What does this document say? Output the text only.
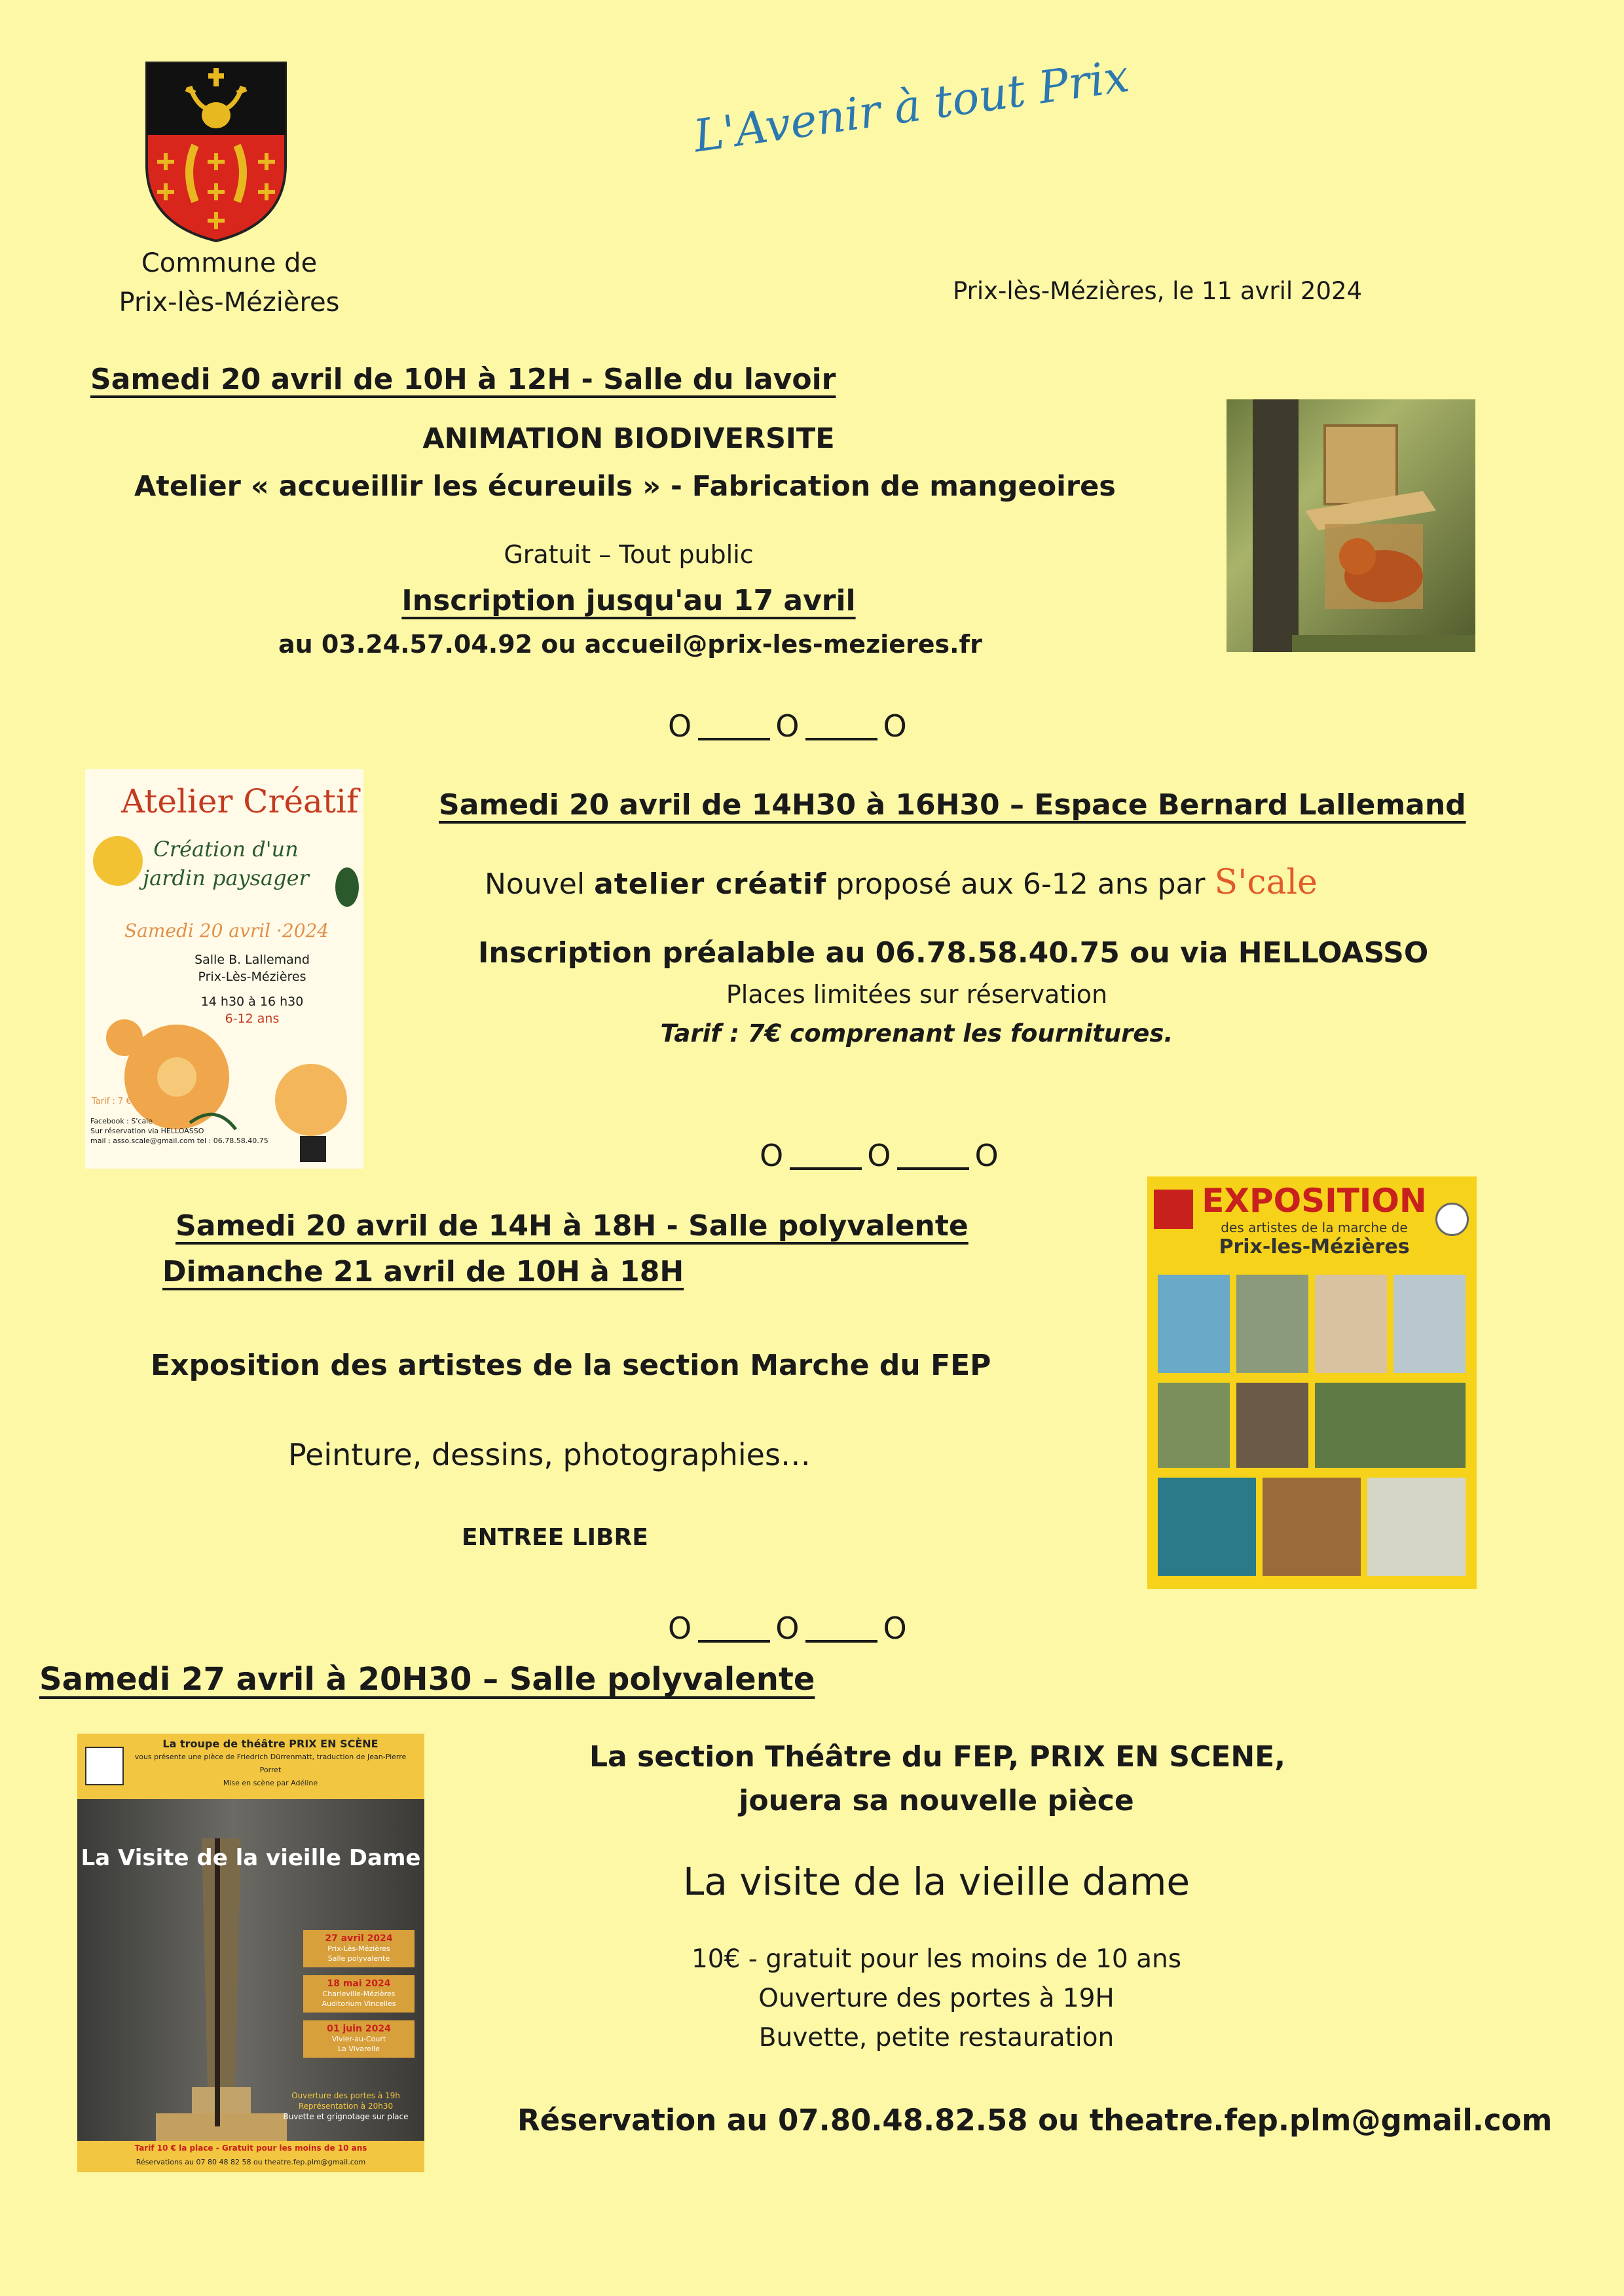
Commune de
Prix-lès-Mézières
L'Avenir à tout Prix
Prix-lès-Mézières, le 11 avril 2024
Samedi 20 avril de 10H à 12H - Salle du lavoir
ANIMATION BIODIVERSITE
Atelier « accueillir les écureuils » - Fabrication de mangeoires
Gratuit – Tout public
Inscription jusqu'au 17 avril
au 03.24.57.04.92 ou accueil@prix-les-mezieres.fr
O	O	O
Atelier Créatif
Création d'un jardin paysager
Samedi 20 avril ·2024
Salle B. Lallemand
Prix-Lès-Mézières
14 h30 à 16 h30
6-12 ans
Tarif : 7 €
Facebook : S'cale
Sur réservation via HELLOASSO
mail : asso.scale@gmail.com tel : 06.78.58.40.75
Samedi 20 avril de 14H30 à 16H30 – Espace Bernard Lallemand
Nouvel atelier créatif proposé aux 6-12 ans par S'cale
Inscription préalable au 06.78.58.40.75 ou via HELLOASSO
Places limitées sur réservation
Tarif : 7€ comprenant les fournitures.
O	O	O
Samedi 20 avril de 14H à 18H - Salle polyvalente
Dimanche 21 avril de 10H à 18H
Exposition des artistes de la section Marche du FEP
Peinture, dessins, photographies…
ENTREE LIBRE
EXPOSITION
des artistes de la marche de
Prix-les-Mézières
O	O	O
Samedi 27 avril à 20H30 – Salle polyvalente
La troupe de théâtre PRIX EN SCÈNE
vous présente une pièce de Friedrich Dürrenmatt, traduction de Jean-Pierre Porret
Mise en scène par Adéline
La Visite de la vieille Dame
27 avril 2024
Prix-Lès-Mézières
Salle polyvalente
18 mai 2024
Charleville-Mézières
Auditorium Vincelles
01 juin 2024
Vivier-au-Court
La Vivarelle
Ouverture des portes à 19h
Représentation à 20h30
Buvette et grignotage sur place
Tarif 10 € la place - Gratuit pour les moins de 10 ans
Réservations au 07 80 48 82 58 ou theatre.fep.plm@gmail.com
La section Théâtre du FEP, PRIX EN SCENE,
jouera sa nouvelle pièce
La visite de la vieille dame
10€ - gratuit pour les moins de 10 ans
Ouverture des portes à 19H
Buvette, petite restauration
Réservation au 07.80.48.82.58 ou theatre.fep.plm@gmail.com
